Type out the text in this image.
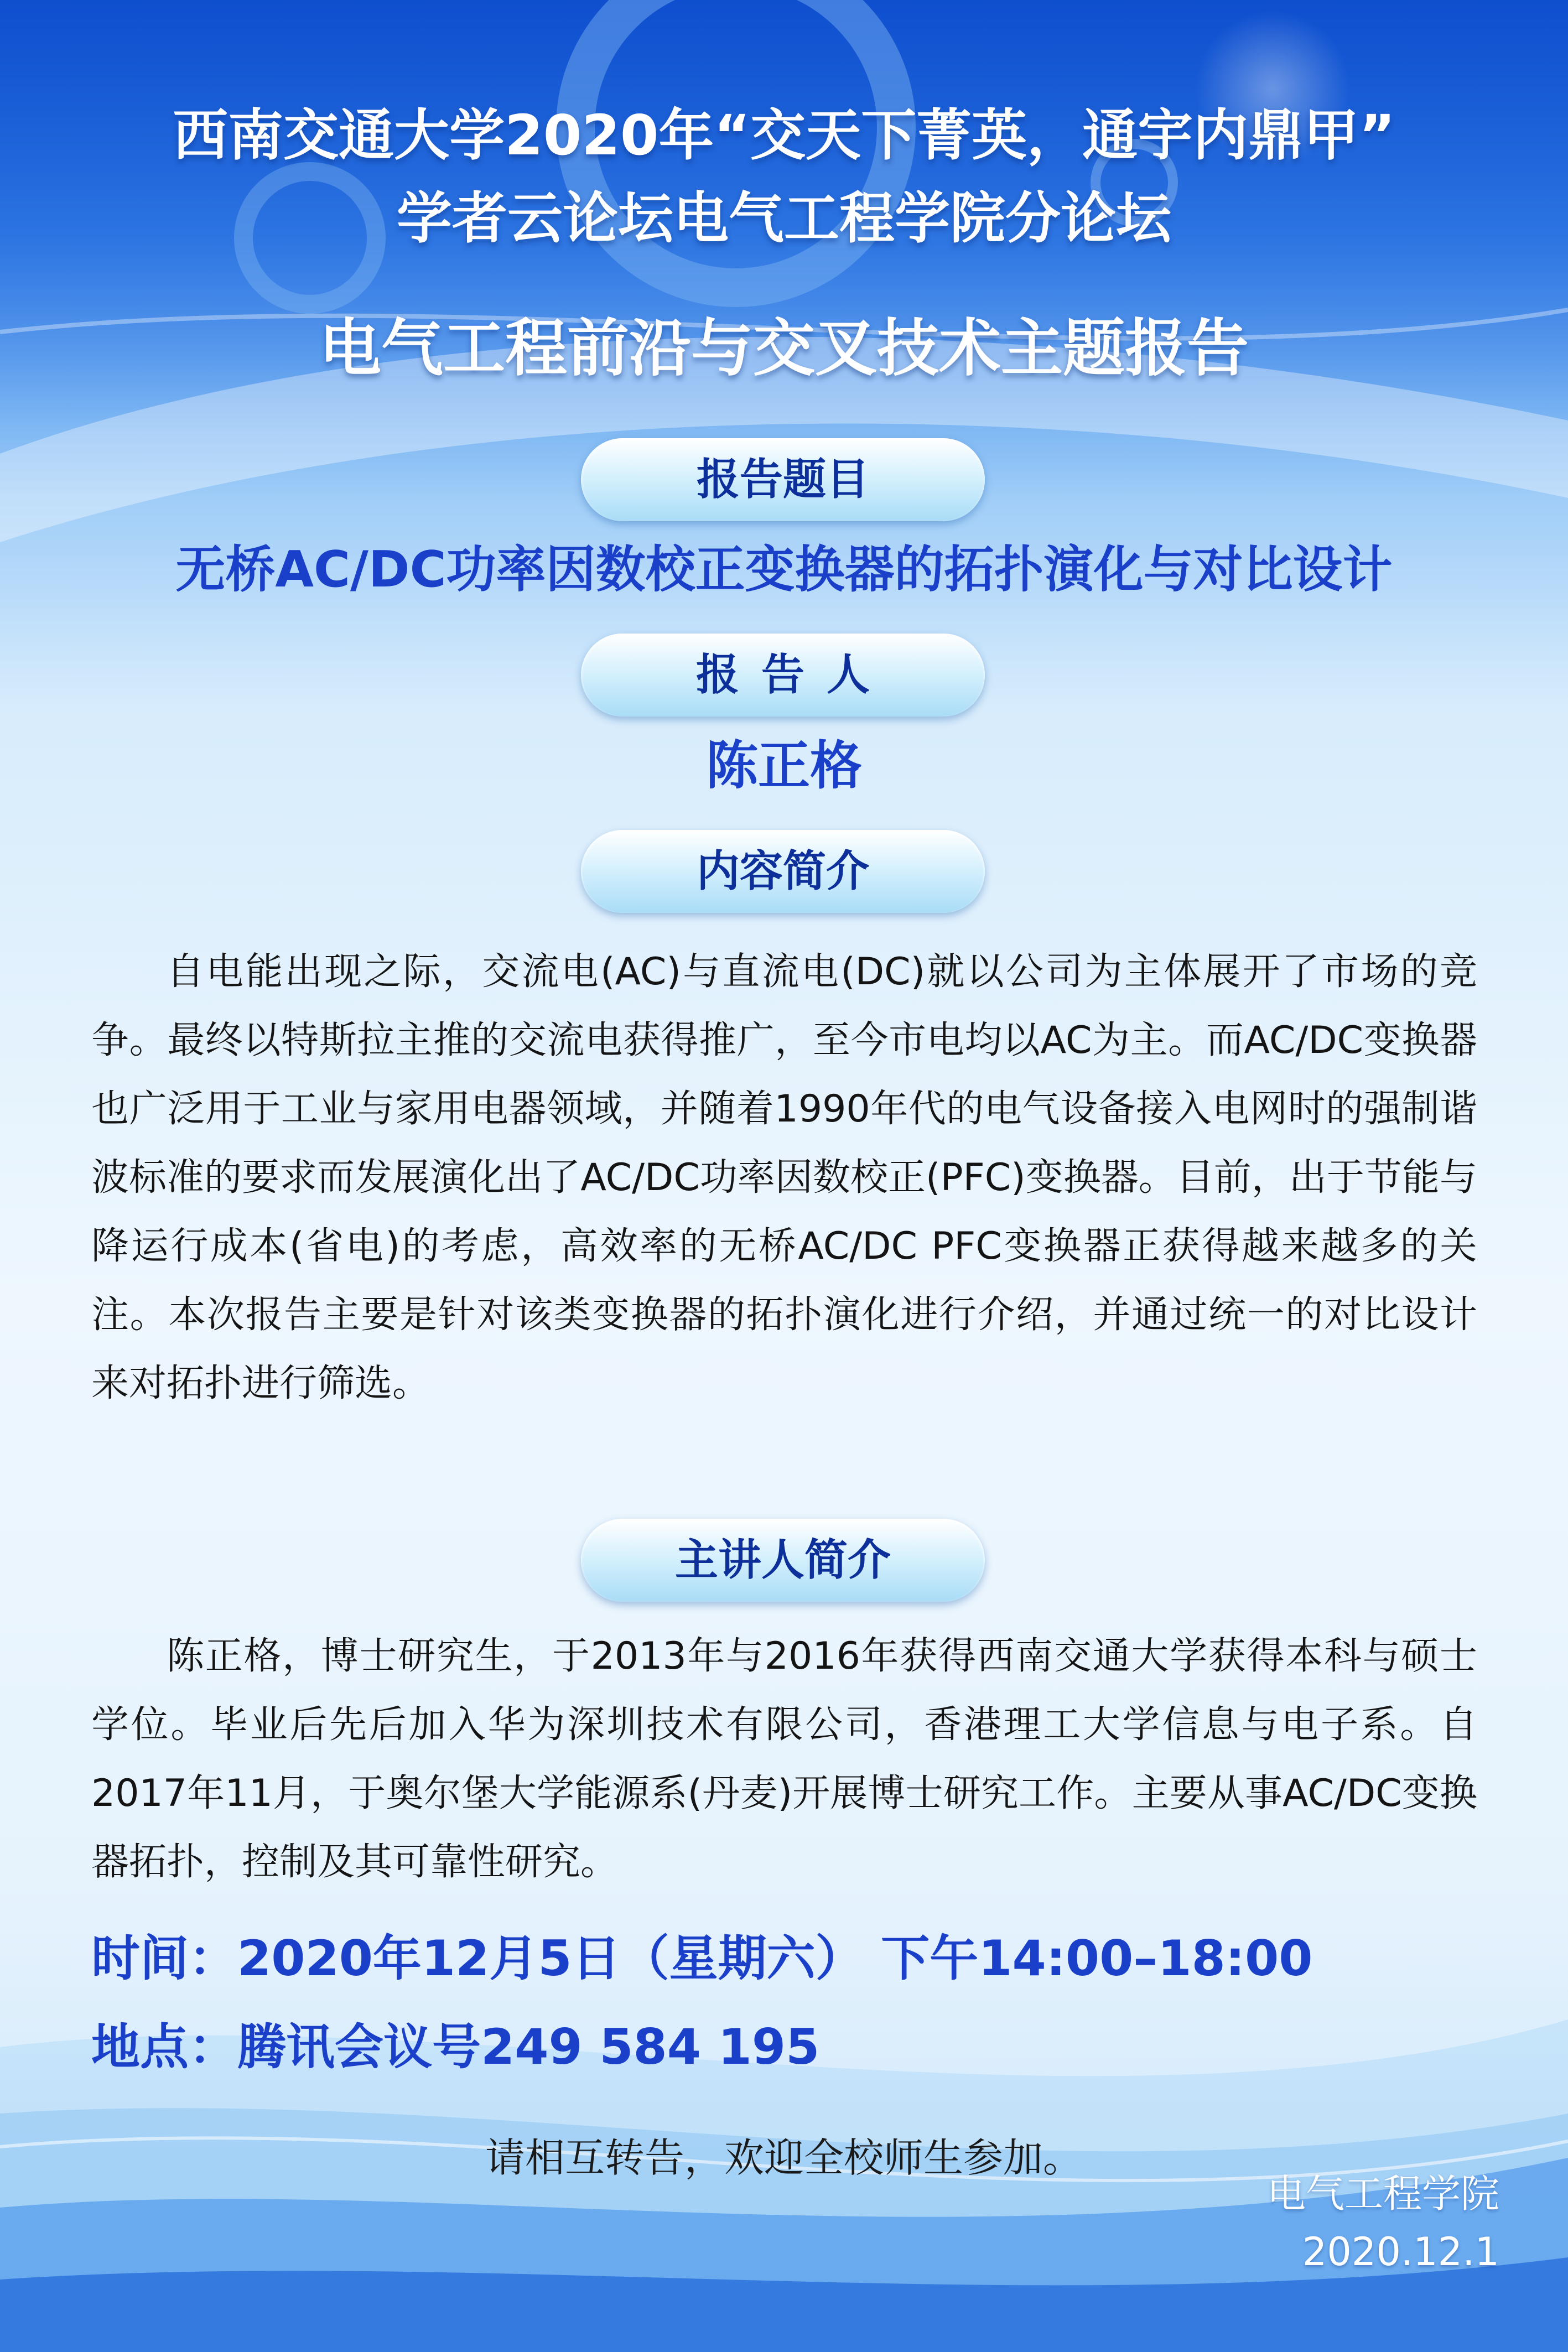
西南交通大学2020年“交天下菁英，通宇内鼎甲”
学者云论坛电气工程学院分论坛
电气工程前沿与交叉技术主题报告
报告题目
无桥AC/DC功率因数校正变换器的拓扑演化与对比设计
报告人
陈正格
内容简介

自电能出现之际，交流电(AC)与直流电(DC)就以公司为主体展开了市场的竞争。最终以特斯拉主推的交流电获得推广，至今市电均以AC为主。而AC/DC变换器也广泛用于工业与家用电器领域，并随着1990年代的电气设备接入电网时的强制谐波标准的要求而发展演化出了AC/DC功率因数校正(PFC)变换器。目前，出于节能与降运行成本(省电)的考虑，高效率的无桥AC/DC PFC变换器正获得越来越多的关注。本次报告主要是针对该类变换器的拓扑演化进行介绍，并通过统一的对比设计来对拓扑进行筛选。

主讲人简介

陈正格，博士研究生，于2013年与2016年获得西南交通大学获得本科与硕士学位。毕业后先后加入华为深圳技术有限公司，香港理工大学信息与电子系。自2017年11月，于奥尔堡大学能源系(丹麦)开展博士研究工作。主要从事AC/DC变换器拓扑，控制及其可靠性研究。

时间：2020年12月5日（星期六） 下午14:00–18:00
地点：腾讯会议号249 584 195
请相互转告，欢迎全校师生参加。
电气工程学院
2020.12.1
